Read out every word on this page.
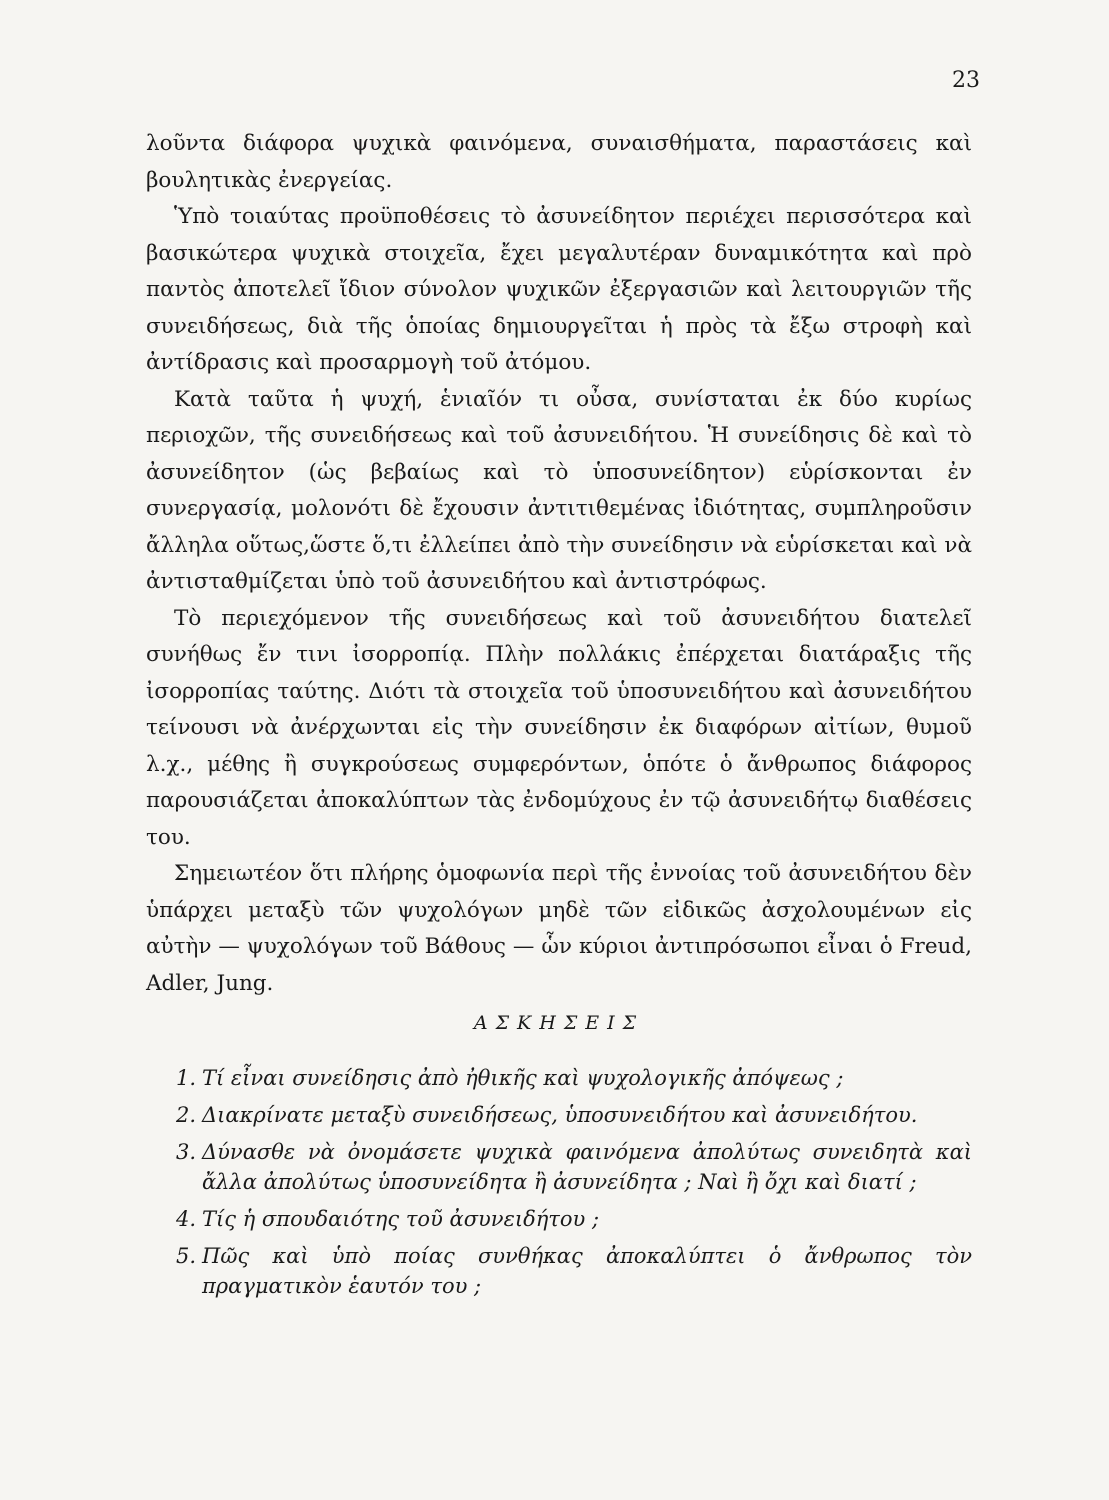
23

λοῦντα διάφορα ψυχικὰ φαινόμενα, συναισθήματα, παραστάσεις καὶ βουλητικὰς ἐνεργείας.

Ὑπὸ τοιαύτας προϋποθέσεις τὸ ἀσυνείδητον περιέχει περισσότερα καὶ βασικώτερα ψυχικὰ στοιχεῖα, ἔχει μεγαλυτέραν δυναμικότητα καὶ πρὸ παντὸς ἀποτελεῖ ἴδιον σύνολον ψυχικῶν ἐξεργασιῶν καὶ λειτουργιῶν τῆς συνειδήσεως, διὰ τῆς ὁποίας δημιουργεῖται ἡ πρὸς τὰ ἔξω στροφὴ καὶ ἀντίδρασις καὶ προσαρμογὴ τοῦ ἀτόμου.

Κατὰ ταῦτα ἡ ψυχή, ἑνιαῖόν τι οὖσα, συνίσταται ἐκ δύο κυρίως περιοχῶν, τῆς συνειδήσεως καὶ τοῦ ἀσυνειδήτου. Ἡ συνείδησις δὲ καὶ τὸ ἀσυνείδητον (ὡς βεβαίως καὶ τὸ ὑποσυνείδητον) εὑρίσκονται ἐν συνεργασίᾳ, μολονότι δὲ ἔχουσιν ἀντιτιθεμένας ἰδιότητας, συμπληροῦσιν ἄλληλα οὕτως,ὥστε ὅ,τι ἐλλείπει ἀπὸ τὴν συνείδησιν νὰ εὑρίσκεται καὶ νὰ ἀντισταθμίζεται ὑπὸ τοῦ ἀσυνειδήτου καὶ ἀντιστρόφως.

Τὸ περιεχόμενον τῆς συνειδήσεως καὶ τοῦ ἀσυνειδήτου διατελεῖ συνήθως ἔν τινι ἰσορροπίᾳ. Πλὴν πολλάκις ἐπέρχεται διατάραξις τῆς ἰσορροπίας ταύτης. Διότι τὰ στοιχεῖα τοῦ ὑποσυνειδήτου καὶ ἀσυνειδήτου τείνουσι νὰ ἀνέρχωνται εἰς τὴν συνείδησιν ἐκ διαφόρων αἰτίων, θυμοῦ λ.χ., μέθης ἢ συγκρούσεως συμφερόντων, ὁπότε ὁ ἄνθρωπος διάφορος παρουσιάζεται ἀποκαλύπτων τὰς ἐνδομύχους ἐν τῷ ἀσυνειδήτῳ διαθέσεις του.

Σημειωτέον ὅτι πλήρης ὁμοφωνία περὶ τῆς ἐννοίας τοῦ ἀσυνειδήτου δὲν ὑπάρχει μεταξὺ τῶν ψυχολόγων μηδὲ τῶν εἰδικῶς ἀσχολουμένων εἰς αὐτὴν — ψυχολόγων τοῦ Βάθους — ὧν κύριοι ἀντιπρόσωποι εἶναι ὁ Freud, Adler, Jung.

ΑΣΚΗΣΕΙΣ
1. Τί εἶναι συνείδησις ἀπὸ ἠθικῆς καὶ ψυχολογικῆς ἀπόψεως ;
2. Διακρίνατε μεταξὺ συνειδήσεως, ὑποσυνειδήτου καὶ ἀσυνειδήτου.
3. Δύνασθε νὰ ὀνομάσετε ψυχικὰ φαινόμενα ἀπολύτως συνειδητὰ καὶ ἄλλα ἀπολύτως ὑποσυνείδητα ἢ ἀσυνείδητα ; Ναὶ ἢ ὄχι καὶ διατί ;
4. Τίς ἡ σπουδαιότης τοῦ ἀσυνειδήτου ;
5. Πῶς καὶ ὑπὸ ποίας συνθήκας ἀποκαλύπτει ὁ ἄνθρωπος τὸν πραγματικὸν ἑαυτόν του ;
